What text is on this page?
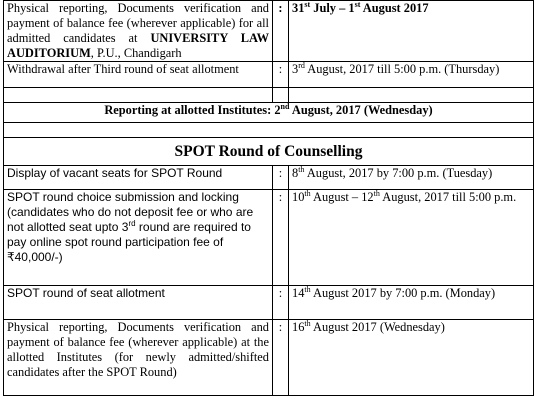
Physical reporting, Documents verification and payment of balance fee (wherever applicable) for all admitted candidates at UNIVERSITY LAW AUDITORIUM, P.U., Chandigarh	:	31st July – 1st August 2017
Withdrawal after Third round of seat allotment	:	3rd August, 2017 till 5:00 p.m. (Thursday)

Reporting at allotted Institutes: 2nd August, 2017 (Wednesday)		

SPOT Round of Counselling		
Display of vacant seats for SPOT Round	:	8th August, 2017 by 7:00 p.m. (Tuesday)
SPOT round choice submission and locking (candidates who do not deposit fee or who are not allotted seat upto 3rd round are required to pay online spot round participation fee of ₹40,000/-)	:	10th August – 12th August, 2017 till 5:00 p.m.
SPOT round of seat allotment	:	14th August 2017 by 7:00 p.m. (Monday)
Physical reporting, Documents verification and payment of balance fee (wherever applicable) at the allotted Institutes (for newly admitted/shifted candidates after the SPOT Round)	:	16th August 2017 (Wednesday)
